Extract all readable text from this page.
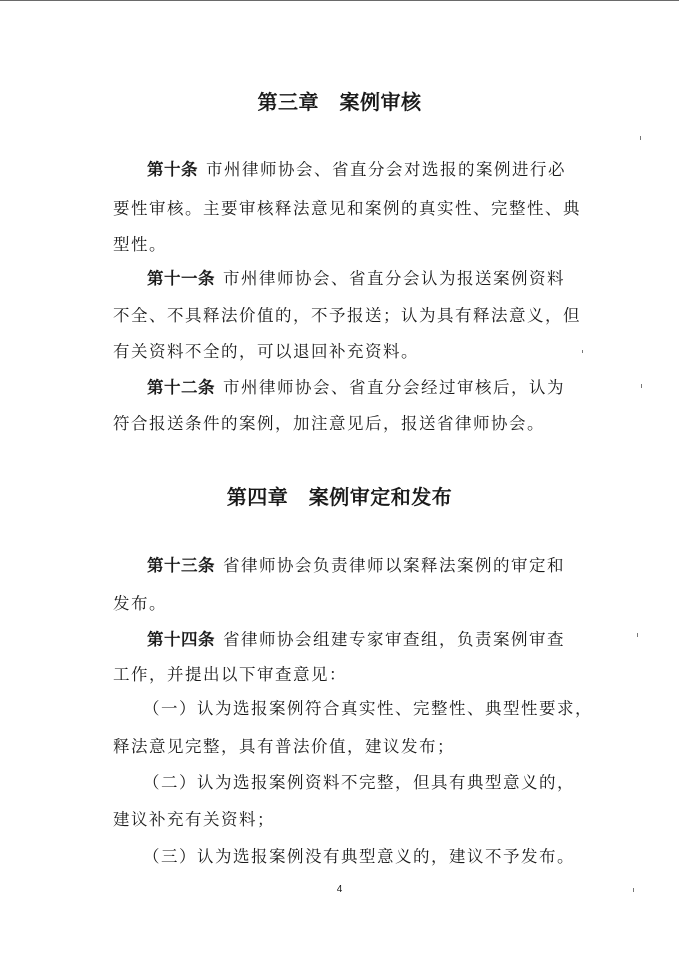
第三章　案例审核
第十条 市州律师协会、省直分会对选报的案例进行必
要性审核。主要审核释法意见和案例的真实性、完整性、典
型性。
第十一条 市州律师协会、省直分会认为报送案例资料
不全、不具释法价值的，不予报送；认为具有释法意义，但
有关资料不全的，可以退回补充资料。
第十二条 市州律师协会、省直分会经过审核后，认为
符合报送条件的案例，加注意见后，报送省律师协会。
第四章　案例审定和发布
第十三条 省律师协会负责律师以案释法案例的审定和
发布。
第十四条 省律师协会组建专家审查组，负责案例审查
工作，并提出以下审查意见：
（一）认为选报案例符合真实性、完整性、典型性要求，
释法意见完整，具有普法价值，建议发布；
（二）认为选报案例资料不完整，但具有典型意义的，
建议补充有关资料；
（三）认为选报案例没有典型意义的，建议不予发布。
4
